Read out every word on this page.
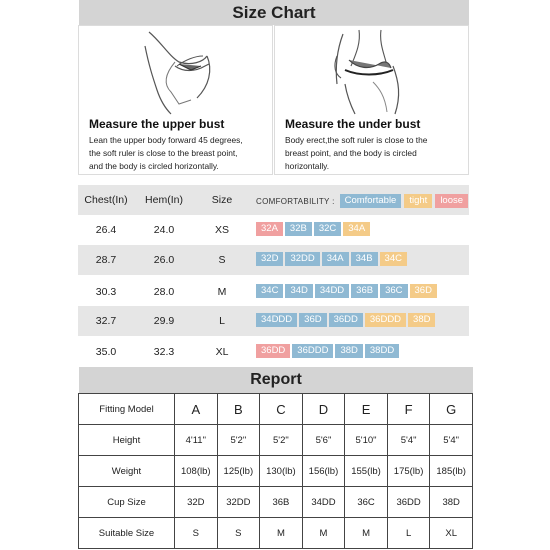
Size Chart
Measure the upper bust
Lean the upper body forward 45 degrees,
the soft ruler is close to the breast point,
and the body is circled horizontally.
Measure the under bust
Body erect,the soft ruler is close to the
breast point, and the body is circled
horizontally.
Chest(In)	Hem(In)	Size	COMFORTABILITY :	Comfortable	tight	loose
26.4	24.0	XS	32A	32B	32C	34A
28.7	26.0	S	32D	32DD	34A	34B	34C
30.3	28.0	M	34C	34D	34DD	36B	36C	36D
32.7	29.9	L	34DDD	36D	36DD	36DDD	38D
35.0	32.3	XL	36DD	36DDD	38D	38DD
Report
Fitting Model	A	B	C	D	E	F	G
Height	4'11"	5'2"	5'2"	5'6"	5'10"	5'4"	5'4"
Weight	108(lb)	125(lb)	130(lb)	156(lb)	155(lb)	175(lb)	185(lb)
Cup Size	32D	32DD	36B	34DD	36C	36DD	38D
Suitable Size	S	S	M	M	M	L	XL
